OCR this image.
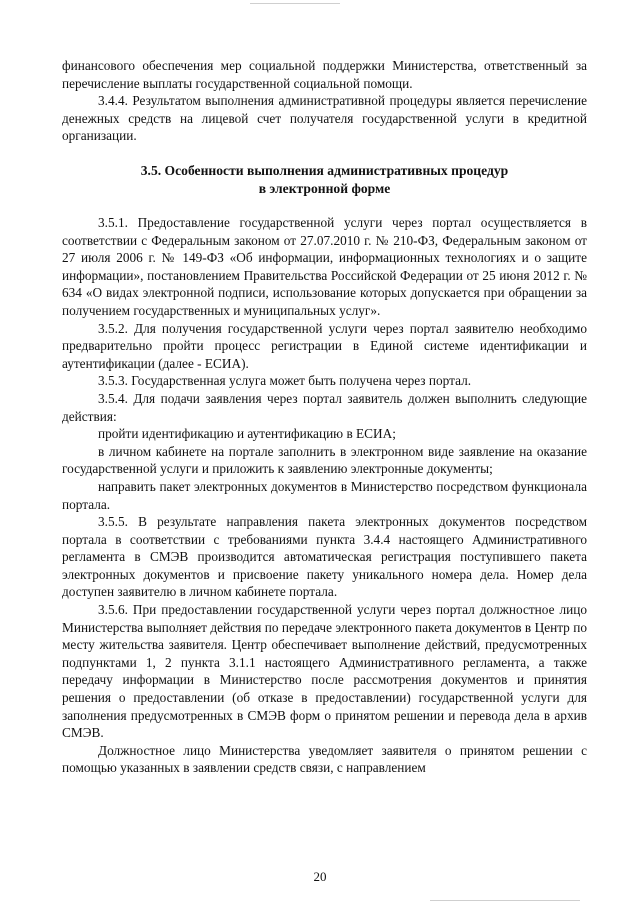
финансового обеспечения мер социальной поддержки Министерства, ответственный за перечисление выплаты государственной социальной помощи.

3.4.4. Результатом выполнения административной процедуры является перечисление денежных средств на лицевой счет получателя государственной услуги в кредитной организации.

3.5. Особенности выполнения административных процедур
в электронной форме

3.5.1. Предоставление государственной услуги через портал осуществляется в соответствии с Федеральным законом от 27.07.2010 г. № 210-ФЗ, Федеральным законом от 27 июля 2006 г. № 149-ФЗ «Об информации, информационных технологиях и о защите информации», постановлением Правительства Российской Федерации от 25 июня 2012 г. № 634 «О видах электронной подписи, использование которых допускается при обращении за получением государственных и муниципальных услуг».

3.5.2. Для получения государственной услуги через портал заявителю необходимо предварительно пройти процесс регистрации в Единой системе идентификации и аутентификации (далее - ЕСИА).

3.5.3. Государственная услуга может быть получена через портал.

3.5.4. Для подачи заявления через портал заявитель должен выполнить следующие действия:

пройти идентификацию и аутентификацию в ЕСИА;

в личном кабинете на портале заполнить в электронном виде заявление на оказание государственной услуги и приложить к заявлению электронные документы;

направить пакет электронных документов в Министерство посредством функционала портала.

3.5.5. В результате направления пакета электронных документов посредством портала в соответствии с требованиями пункта 3.4.4 настоящего Административного регламента в СМЭВ производится автоматическая регистрация поступившего пакета электронных документов и присвоение пакету уникального номера дела. Номер дела доступен заявителю в личном кабинете портала.

3.5.6. При предоставлении государственной услуги через портал должностное лицо Министерства выполняет действия по передаче электронного пакета документов в Центр по месту жительства заявителя. Центр обеспечивает выполнение действий, предусмотренных подпунктами 1, 2 пункта 3.1.1 настоящего Административного регламента, а также передачу информации в Министерство после рассмотрения документов и принятия решения о предоставлении (об отказе в предоставлении) государственной услуги для заполнения предусмотренных в СМЭВ форм о принятом решении и перевода дела в архив СМЭВ.

Должностное лицо Министерства уведомляет заявителя о принятом решении с помощью указанных в заявлении средств связи, с направлением

20
